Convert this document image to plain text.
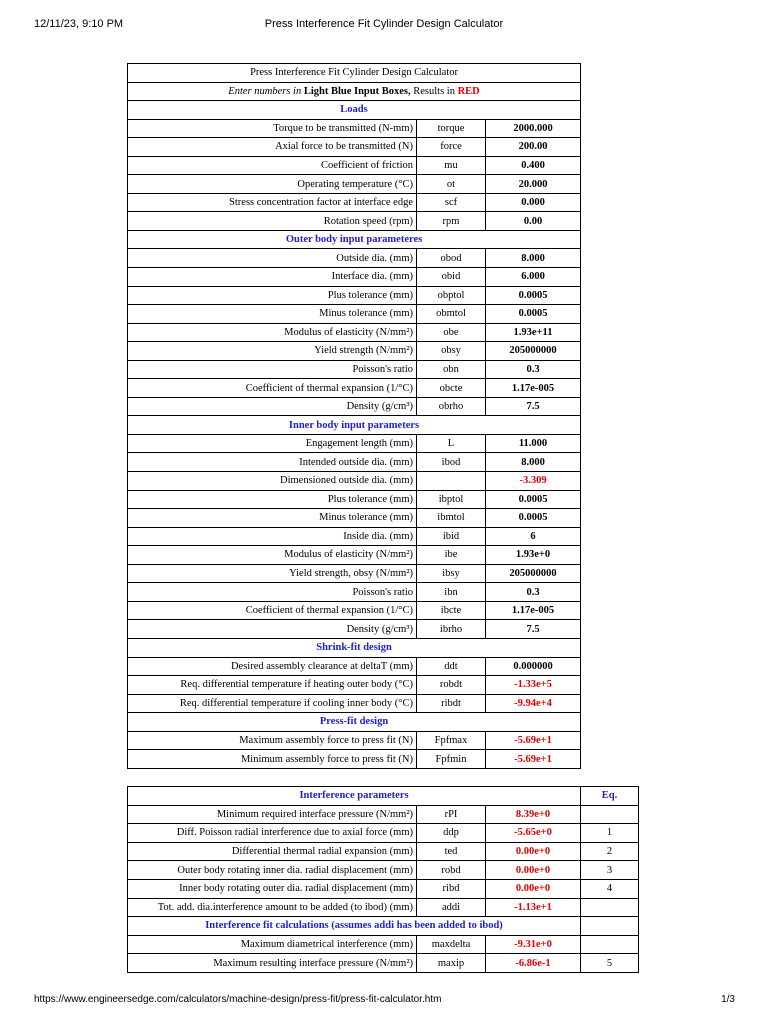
12/11/23, 9:10 PM	Press Interference Fit Cylinder Design Calculator
Press Interference Fit Cylinder Design Calculator		
Enter numbers in Light Blue Input Boxes, Results in RED		
Loads		
Torque to be transmitted (N-mm)	torque	2000.000
Axial force to be transmitted (N)	force	200.00
Coefficient of friction	mu	0.400
Operating temperature (°C)	ot	20.000
Stress concentration factor at interface edge	scf	0.000
Rotation speed (rpm)	rpm	0.00
Outer body input parameteres		
Outside dia. (mm)	obod	8.000
Interface dia. (mm)	obid	6.000
Plus tolerance (mm)	obptol	0.0005
Minus tolerance (mm)	obmtol	0.0005
Modulus of elasticity (N/mm²)	obe	1.93e+11
Yield strength (N/mm²)	obsy	205000000
Poisson's ratio	obn	0.3
Coefficient of thermal expansion (1/°C)	obcte	1.17e-005
Density (g/cm³)	obrho	7.5
Inner body input parameters		
Engagement length (mm)	L	11.000
Intended outside dia. (mm)	ibod	8.000
Dimensioned outside dia. (mm)		-3.309
Plus tolerance (mm)	ibptol	0.0005
Minus tolerance (mm)	ibmtol	0.0005
Inside dia. (mm)	ibid	6
Modulus of elasticity (N/mm²)	ibe	1.93e+0
Yield strength, obsy (N/mm²)	ibsy	205000000
Poisson's ratio	ibn	0.3
Coefficient of thermal expansion (1/°C)	ibcte	1.17e-005
Density (g/cm³)	ibrho	7.5
Shrink-fit design		
Desired assembly clearance at deltaT (mm)	ddt	0.000000
Req. differential temperature if heating outer body (°C)	robdt	-1.33e+5
Req. differential temperature if cooling inner body (°C)	ribdt	-9.94e+4
Press-fit design		
Maximum assembly force to press fit (N)	Fpfmax	-5.69e+1
Minimum assembly force to press fit (N)	Fpfmin	-5.69e+1
Interference parameters			Eq.
Minimum required interface pressure (N/mm²)	rPI	8.39e+0	
Diff. Poisson radial interference due to axial force (mm)	ddp	-5.65e+0	1
Differential thermal radial expansion (mm)	ted	0.00e+0	2
Outer body rotating inner dia. radial displacement (mm)	robd	0.00e+0	3
Inner body rotating outer dia. radial displacement (mm)	ribd	0.00e+0	4
Tot. add. dia.interference amount to be added (to ibod) (mm)	addi	-1.13e+1	
Interference fit calculations (assumes addi has been added to ibod)			
Maximum diametrical interference (mm)	maxdelta	-9.31e+0	
Maximum resulting interface pressure (N/mm²)	maxip	-6.86e-1	5
https://www.engineersedge.com/calculators/machine-design/press-fit/press-fit-calculator.htm	1/3
